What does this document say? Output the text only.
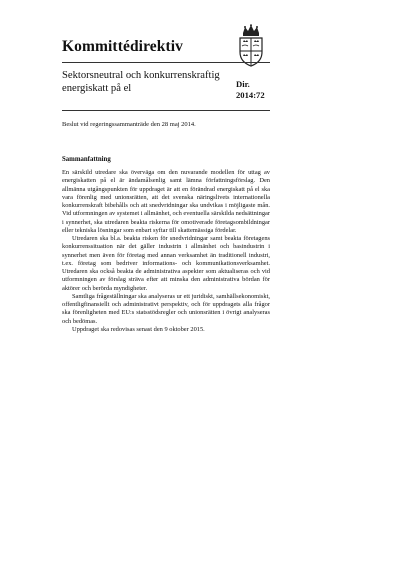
Kommittédirektiv
Sektorsneutral och konkurrenskraftig energiskatt på el	Dir.
2014:72
Beslut vid regeringssammanträde den 28 maj 2014.
Sammanfattning

En särskild utredare ska överväga om den nuvarande modellen för uttag av energiskatten på el är ändamålsenlig samt lämna författningsförslag. Den allmänna utgångspunkten för uppdraget är att en förändrad energiskatt på el ska vara förenlig med unionsrätten, att det svenska näringslivets internationella konkurrenskraft bibehålls och att snedvridningar ska undvikas i möjligaste mån. Vid utformningen av systemet i allmänhet, och eventuella särskilda nedsättningar i synnerhet, ska utredaren beakta riskerna för omotiverade företagsombildningar eller tekniska lösningar som enbart syftar till skattemässiga fördelar.

Utredaren ska bl.a. beakta risken för snedvridningar samt beakta företagens konkurrenssituation när det gäller industrin i allmänhet och basindustrin i synnerhet men även för företag med annan verksamhet än traditionell industri, t.ex. företag som bedriver informations- och kommunikationsverksamhet. Utredaren ska också beakta de administrativa aspekter som aktualiseras och vid utformningen av förslag sträva efter att minska den administrativa bördan för aktörer och berörda myndigheter.

Samtliga frågeställningar ska analyseras ur ett juridiskt, samhällsekonomiskt, offentligfinansiellt och administrativt perspektiv, och för uppdragets alla frågor ska förenligheten med EU:s statsstödsregler och unionsrätten i övrigt analyseras och bedömas.

Uppdraget ska redovisas senast den 9 oktober 2015.
